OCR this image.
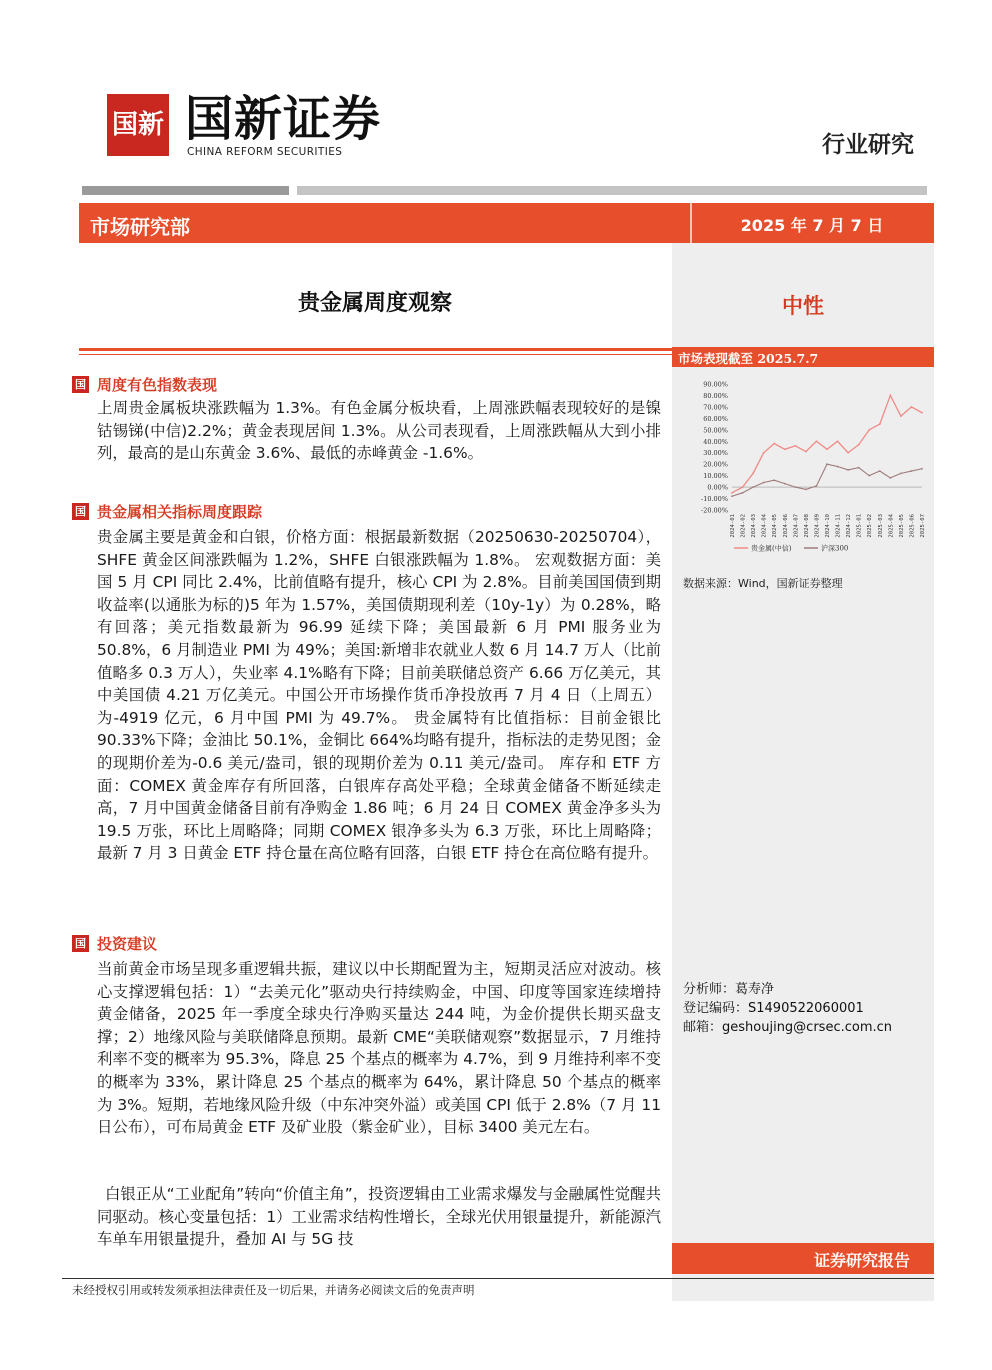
国新 国新证券
CHINA REFORM SECURITIES	行业研究
市场研究部	2025 年 7 月 7 日
贵金属周度观察	中性
市场表现截至 2025.7.7
国 周度有色指数表现
上周贵金属板块涨跌幅为 1.3%。有色金属分板块看，上周涨跌幅表现较好的是镍钴锡锑(中信)2.2%；黄金表现居间 1.3%。从公司表现看，上周涨跌幅从大到小排列，最高的是山东黄金 3.6%、最低的赤峰黄金 -1.6%。
国 贵金属相关指标周度跟踪
贵金属主要是黄金和白银，价格方面：根据最新数据（20250630-20250704），SHFE 黄金区间涨跌幅为 1.2%，SHFE 白银涨跌幅为 1.8%。 宏观数据方面：美国 5 月 CPI 同比 2.4%，比前值略有提升，核心 CPI 为 2.8%。目前美国国债到期收益率(以通胀为标的)5 年为 1.57%，美国债期现利差（10y-1y）为 0.28%，略有回落；美元指数最新为 96.99 延续下降；美国最新 6 月 PMI 服务业为 50.8%，6 月制造业 PMI 为 49%；美国:新增非农就业人数 6 月 14.7 万人（比前值略多 0.3 万人），失业率 4.1%略有下降；目前美联储总资产 6.66 万亿美元，其中美国债 4.21 万亿美元。中国公开市场操作货币净投放再 7 月 4 日（上周五）为-4919 亿元，6 月中国 PMI 为 49.7%。 贵金属特有比值指标：目前金银比 90.33%下降；金油比 50.1%，金铜比 664%均略有提升，指标法的走势见图；金的现期价差为-0.6 美元/盎司，银的现期价差为 0.11 美元/盎司。 库存和 ETF 方面：COMEX 黄金库存有所回落，白银库存高处平稳；全球黄金储备不断延续走高，7 月中国黄金储备目前有净购金 1.86 吨；6 月 24 日 COMEX 黄金净多头为 19.5 万张，环比上周略降；同期 COMEX 银净多头为 6.3 万张，环比上周略降；最新 7 月 3 日黄金 ETF 持仓量在高位略有回落，白银 ETF 持仓在高位略有提升。
国 投资建议
当前黄金市场呈现多重逻辑共振，建议以中长期配置为主，短期灵活应对波动。核心支撑逻辑包括：1）“去美元化”驱动央行持续购金，中国、印度等国家连续增持黄金储备，2025 年一季度全球央行净购买量达 244 吨，为金价提供长期买盘支撑；2）地缘风险与美联储降息预期。最新 CME“美联储观察”数据显示，7 月维持利率不变的概率为 95.3%，降息 25 个基点的概率为 4.7%，到 9 月维持利率不变的概率为 33%，累计降息 25 个基点的概率为 64%，累计降息 50 个基点的概率为 3%。短期，若地缘风险升级（中东冲突外溢）或美国 CPI 低于 2.8%（7 月 11 日公布），可布局黄金 ETF 及矿业股（紫金矿业），目标 3400 美元左右。
白银正从“工业配角”转向“价值主角”，投资逻辑由工业需求爆发与金融属性觉醒共同驱动。核心变量包括：1）工业需求结构性增长，全球光伏用银量提升，新能源汽车单车用银量提升，叠加 AI 与 5G 技
90.00%
80.00%
70.00%
60.00%
50.00%
40.00%
30.00%
20.00%
10.00%
0.00%
-10.00%
-20.00%
2024-01 2024-02 2024-03 2024-04 2024-05 2024-06 2024-07 2024-08 2024-09 2024-10 2024-11 2024-12 2025-01 2025-02 2025-03 2025-04 2025-05 2025-06 2025-07
贵金属(中信)	沪深300
数据来源：Wind，国新证券整理
分析师：葛寿净
登记编码：S1490522060001
邮箱：geshoujing@crsec.com.cn
证券研究报告
未经授权引用或转发须承担法律责任及一切后果，并请务必阅读文后的免责声明
